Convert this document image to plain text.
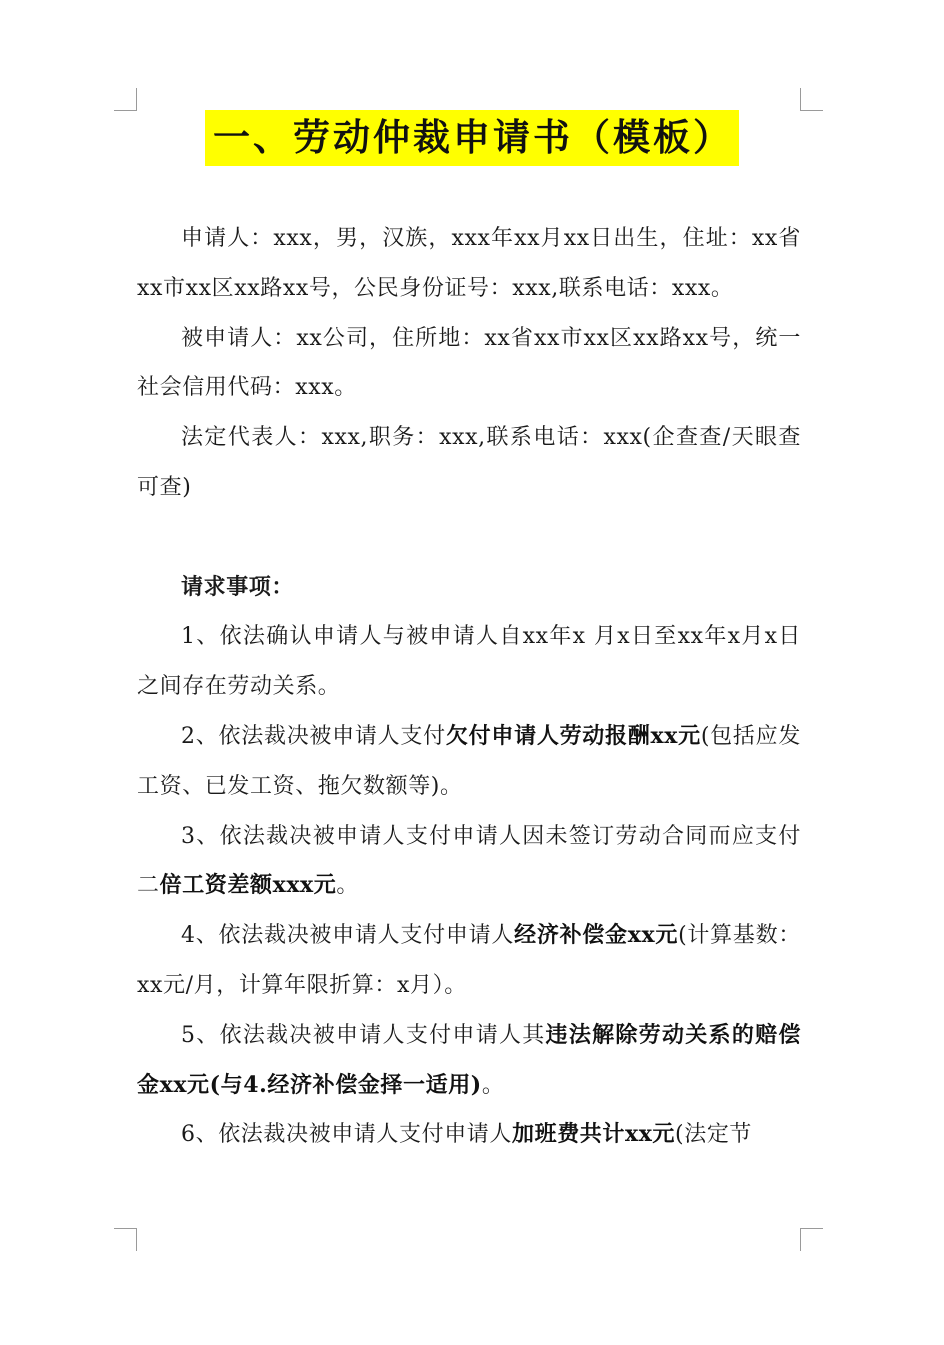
一、劳动仲裁申请书（模板）

申请人：xxx，男，汉族，xxx年xx月xx日出生，住址：xx省xx市xx区xx路xx号，公民身份证号：xxx,联系电话：xxx。

被申请人：xx公司，住所地：xx省xx市xx区xx路xx号，统一社会信用代码：xxx。

法定代表人：xxx,职务：xxx,联系电话：xxx(企查查/天眼查可查)

请求事项：

1、依法确认申请人与被申请人自xx年x 月x日至xx年x月x日之间存在劳动关系。

2、依法裁决被申请人支付欠付申请人劳动报酬xx元(包括应发工资、已发工资、拖欠数额等)。

3、依法裁决被申请人支付申请人因未签订劳动合同而应支付二倍工资差额xxx元。

4、依法裁决被申请人支付申请人经济补偿金xx元(计算基数：xx元/月，计算年限折算：x月）。

5、依法裁决被申请人支付申请人其违法解除劳动关系的赔偿金xx元(与4.经济补偿金择一适用)。

6、依法裁决被申请人支付申请人加班费共计xx元(法定节
